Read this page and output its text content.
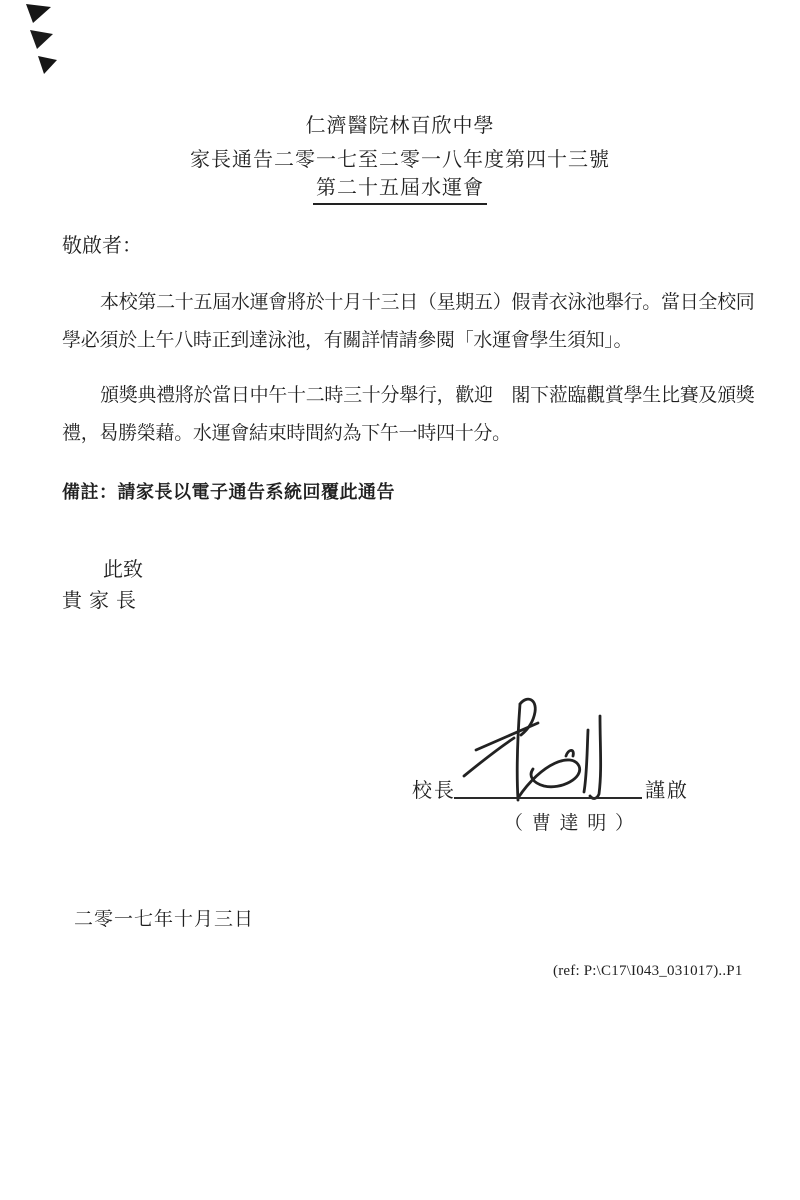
仁濟醫院林百欣中學
家長通告二零一七至二零一八年度第四十三號
第二十五屆水運會
敬啟者：
本校第二十五屆水運會將於十月十三日（星期五）假青衣泳池舉行。當日全校同
學必須於上午八時正到達泳池，有關詳情請參閱「水運會學生須知」。
頒獎典禮將於當日中午十二時三十分舉行，歡迎　閣下蒞臨觀賞學生比賽及頒獎
禮，曷勝榮藉。水運會結束時間約為下午一時四十分。
備註：請家長以電子通告系統回覆此通告
此致
貴家長
校長	謹啟
（ 曹 達 明 ）
二零一七年十月三日
(ref: P:\C17\I043_031017)..P1
